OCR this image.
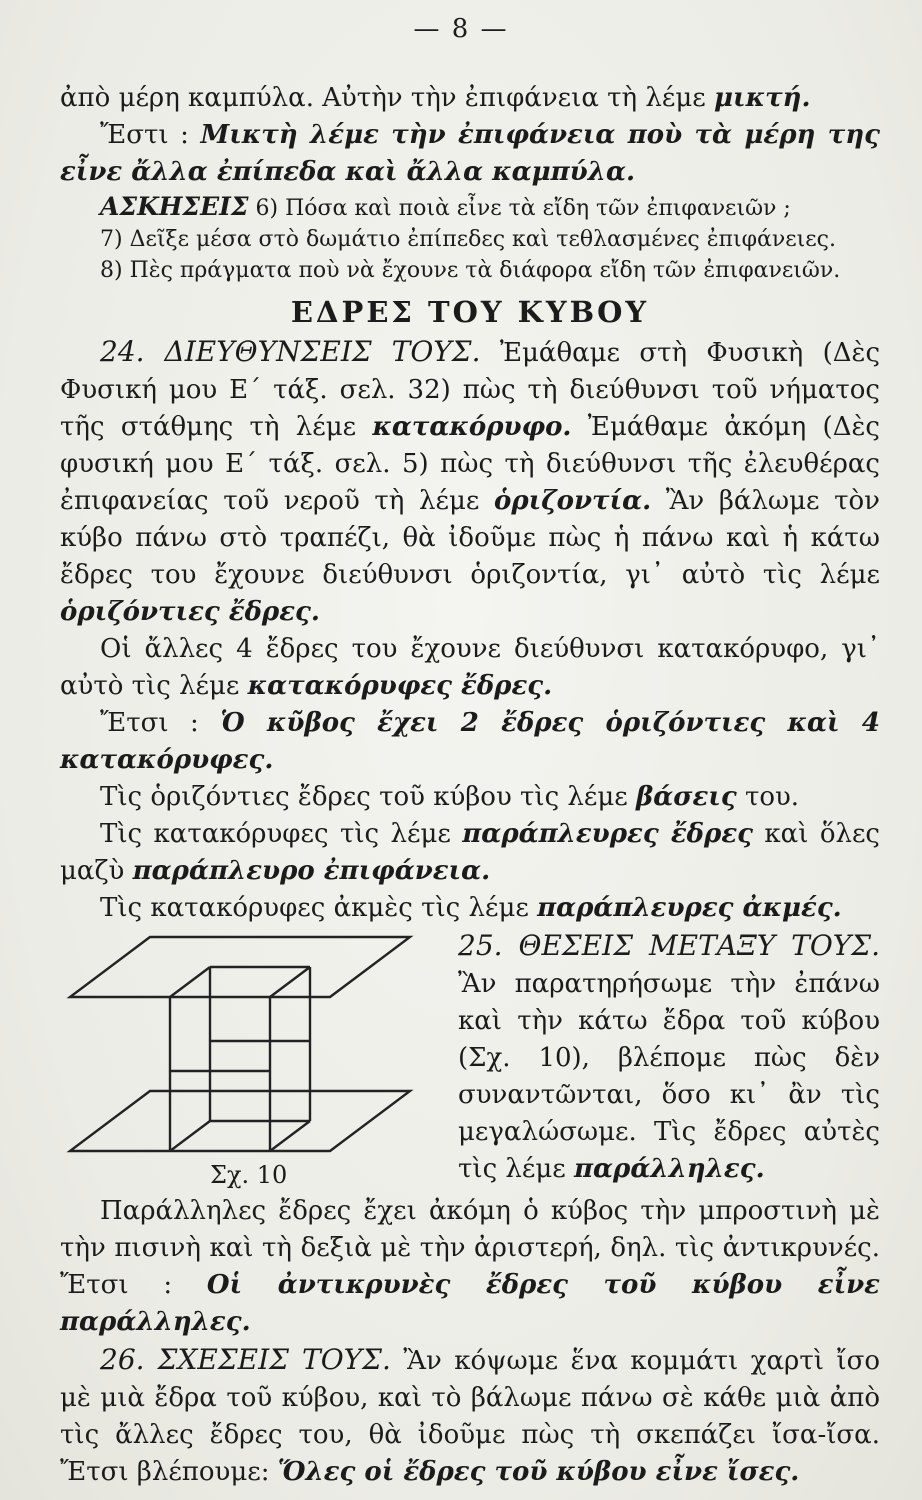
— 8 —

ἀπὸ μέρη καμπύλα. Αὐτὴν τὴν ἐπιφάνεια τὴ λέμε μικτή.

Ἔστι : Μικτὴ λέμε τὴν ἐπιφάνεια ποὺ τὰ μέρη της εἶνε ἄλλα ἐπίπεδα καὶ ἄλλα καμπύλα.

ΑΣΚΗΣΕΙΣ 6) Πόσα καὶ ποιὰ εἶνε τὰ εἴδη τῶν ἐπιφανειῶν ;

7) Δεῖξε μέσα στὸ δωμάτιο ἐπίπεδες καὶ τεθλασμένες ἐπιφάνειες.

8) Πὲς πράγματα ποὺ νὰ ἔχουνε τὰ διάφορα εἴδη τῶν ἐπιφανειῶν.

ΕΔΡΕΣ ΤΟΥ ΚΥΒΟΥ

24. ΔΙΕΥΘΥΝΣΕΙΣ ΤΟΥΣ. Ἐμάθαμε στὴ Φυσικὴ (Δὲς Φυσική μου Ε΄ τάξ. σελ. 32) πὼς τὴ διεύθυνσι τοῦ νήματος τῆς στάθμης τὴ λέμε κατακόρυφο. Ἐμάθαμε ἀκόμη (Δὲς φυσική μου Ε΄ τάξ. σελ. 5) πὼς τὴ διεύθυνσι τῆς ἐλευθέρας ἐπιφανείας τοῦ νεροῦ τὴ λέμε ὁριζοντία. Ἂν βάλωμε τὸν κύβο πάνω στὸ τραπέζι, θὰ ἰδοῦμε πὼς ἡ πάνω καὶ ἡ κάτω ἔδρες του ἔχουνε διεύθυνσι ὁριζοντία, γι᾽ αὐτὸ τὶς λέμε ὁριζόντιες ἔδρες.

Οἱ ἄλλες 4 ἔδρες του ἔχουνε διεύθυνσι κατακόρυφο, γι᾽ αὐτὸ τὶς λέμε κατακόρυφες ἔδρες.

Ἔτσι : Ὁ κῦβος ἔχει 2 ἔδρες ὁριζόντιες καὶ 4 κατακόρυφες.

Τὶς ὁριζόντιες ἔδρες τοῦ κύβου τὶς λέμε βάσεις του.

Τὶς κατακόρυφες τὶς λέμε παράπλευρες ἔδρες καὶ ὅλες μαζὺ παράπλευρο ἐπιφάνεια.

Τὶς κατακόρυφες ἀκμὲς τὶς λέμε παράπλευρες ἀκμές.

Σχ. 10

25. ΘΕΣΕΙΣ ΜΕΤΑΞΥ ΤΟΥΣ. Ἂν παρατηρήσωμε τὴν ἐπάνω καὶ τὴν κάτω ἔδρα τοῦ κύβου (Σχ. 10), βλέπομε πὼς δὲν συναντῶνται, ὅσο κι᾽ ἂν τὶς μεγαλώσωμε. Τὶς ἔδρες αὐτὲς τὶς λέμε παράλληλες.

Παράλληλες ἔδρες ἔχει ἀκόμη ὁ κύβος τὴν μπροστινὴ μὲ τὴν πισινὴ καὶ τὴ δεξιὰ μὲ τὴν ἀριστερή, δηλ. τὶς ἀντικρυνές. Ἔτσι : Οἱ ἀντικρυνὲς ἔδρες τοῦ κύβου εἶνε παράλληλες.

26. ΣΧΕΣΕΙΣ ΤΟΥΣ. Ἂν κόψωμε ἕνα κομμάτι χαρτὶ ἴσο μὲ μιὰ ἔδρα τοῦ κύβου, καὶ τὸ βάλωμε πάνω σὲ κάθε μιὰ ἀπὸ τὶς ἄλλες ἔδρες του, θὰ ἰδοῦμε πὼς τὴ σκεπάζει ἴσα-ἴσα. Ἔτσι βλέπουμε: Ὅλες οἱ ἔδρες τοῦ κύβου εἶνε ἴσες.
